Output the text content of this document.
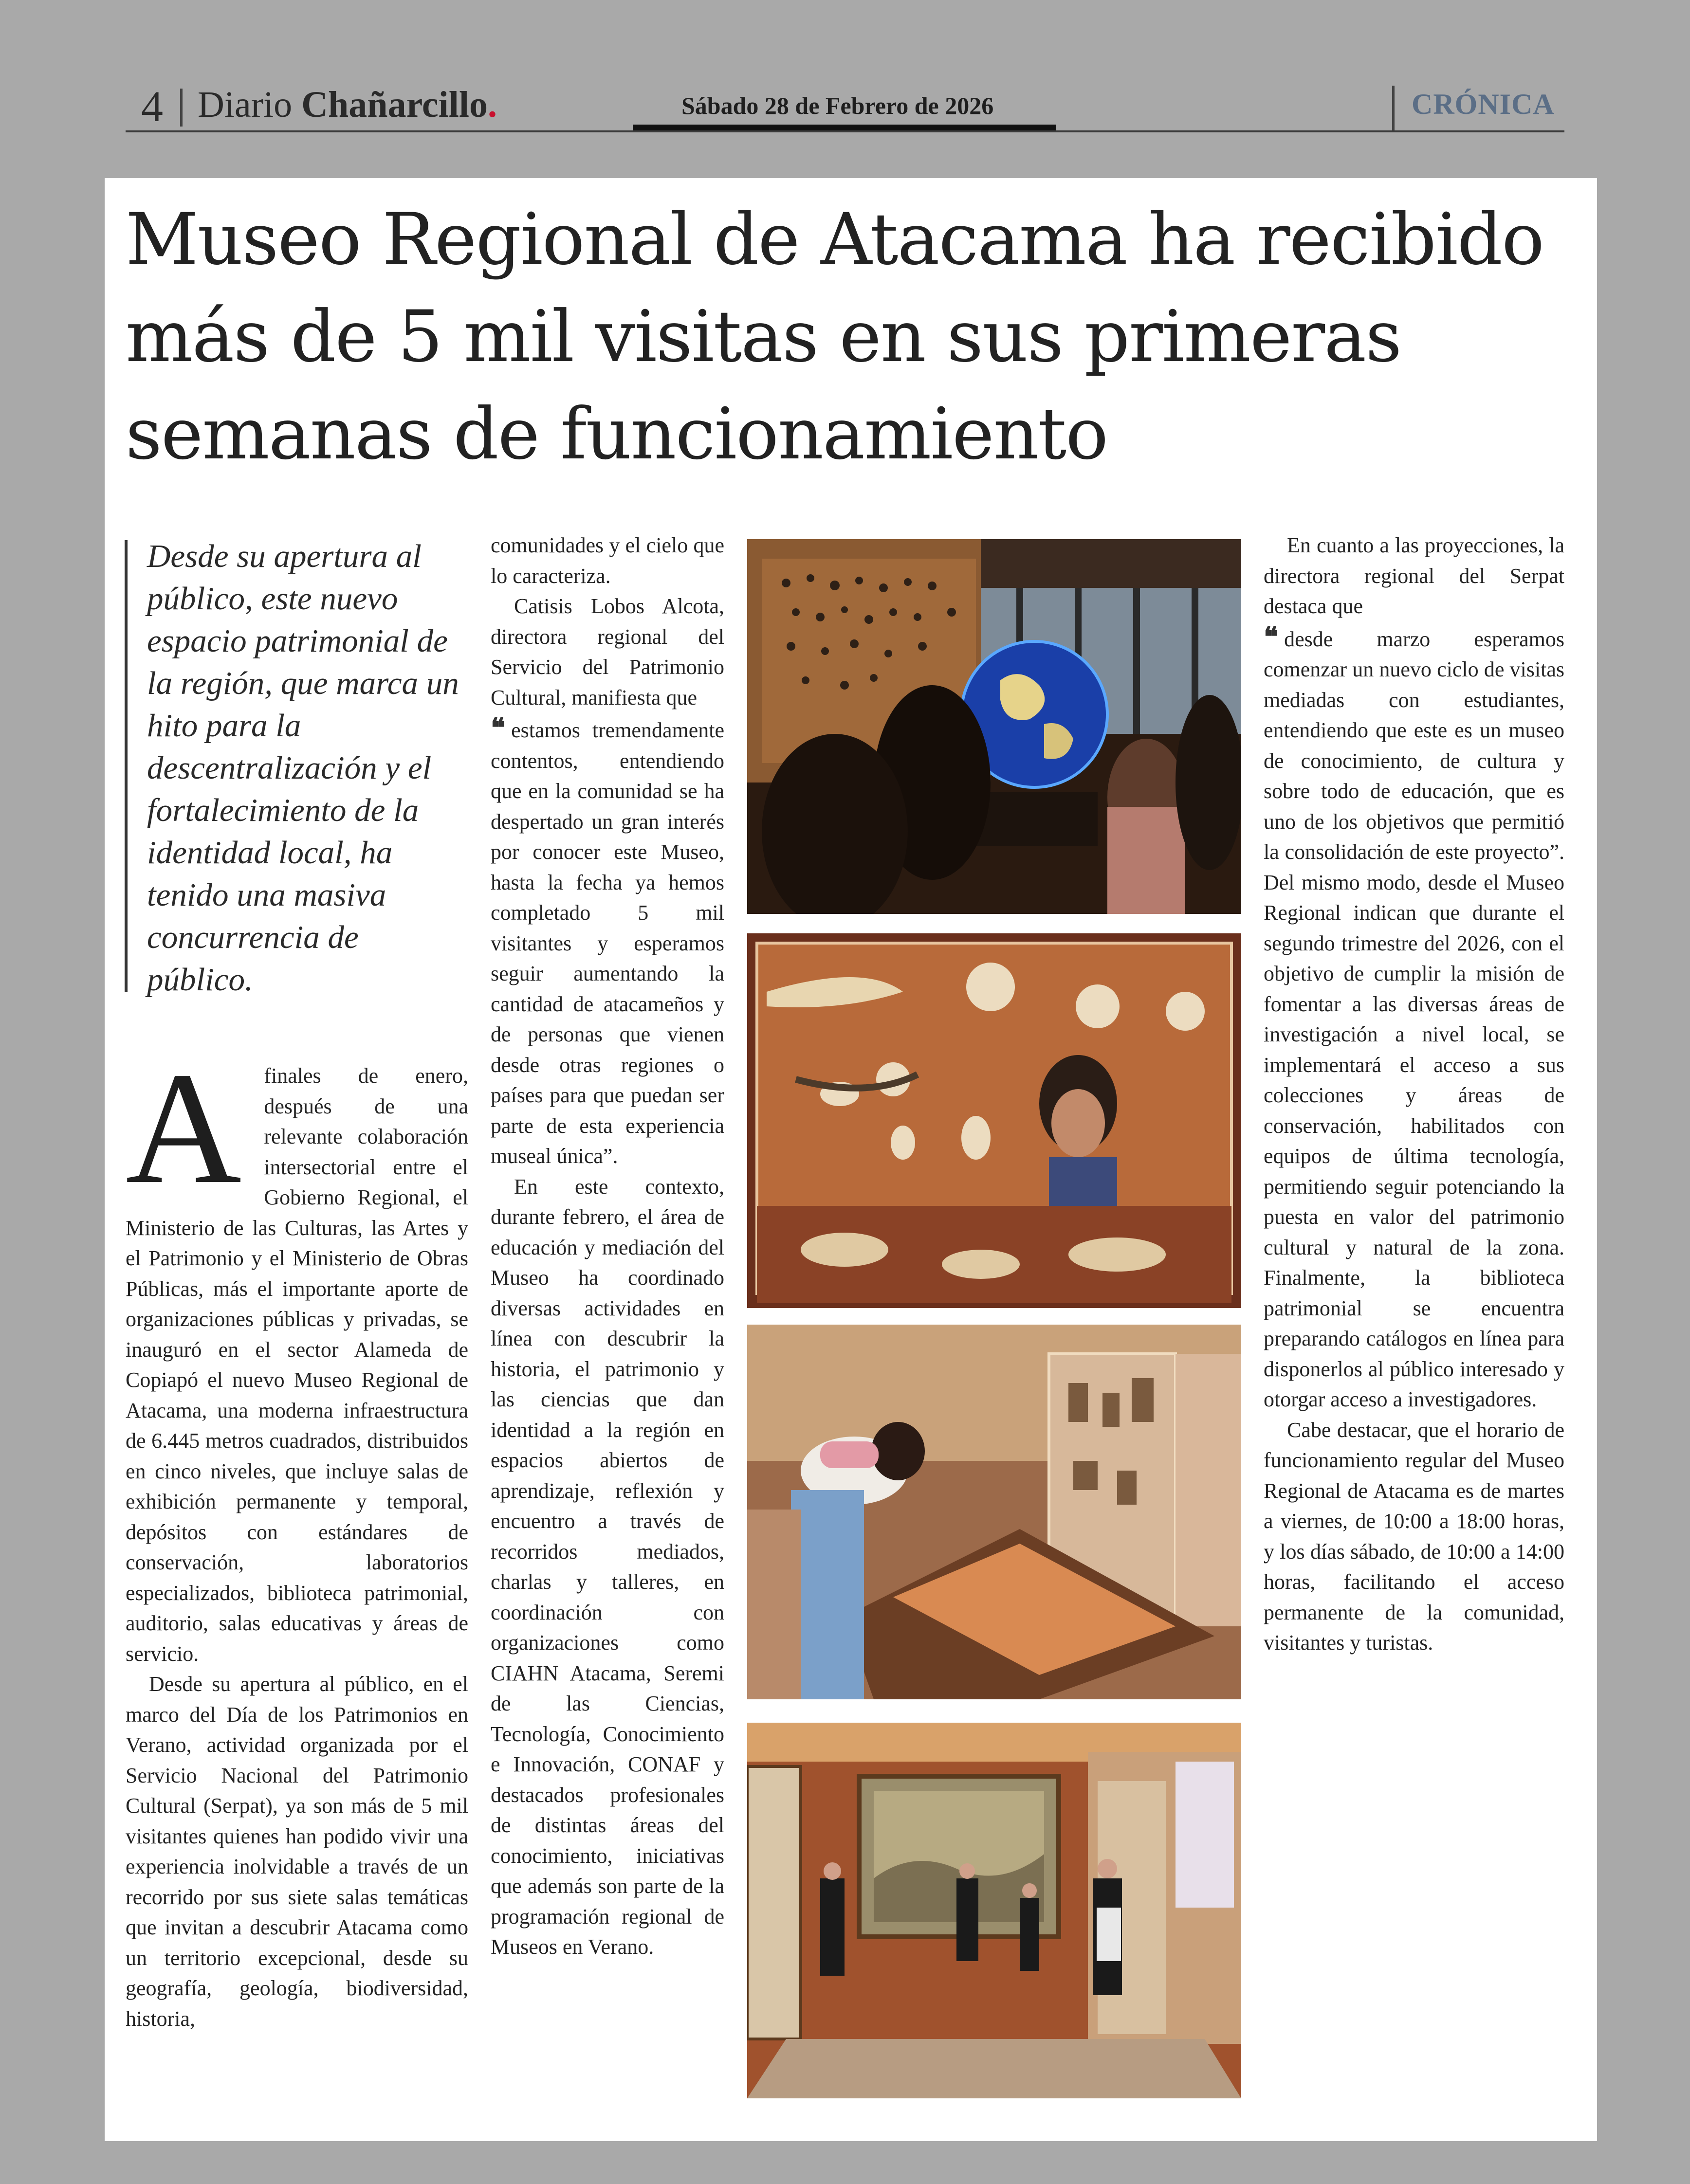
4 Diario Chañarcillo.	Sábado 28 de Febrero de 2026	CRÓNICA
Museo Regional de Atacama ha recibido más de 5 mil visitas en sus primeras semanas de funcionamiento
Desde su apertura al público, este nuevo espacio patrimonial de la región, que marca un hito para la descentralización y el fortalecimiento de la identidad local, ha tenido una masiva concurrencia de público.
A	finales de enero, después de una relevante colaboración intersectorial entre el Gobierno Regional, el Ministerio de las Culturas, las Artes y el Patrimonio y el Ministerio de Obras Públicas, más el importante aporte de organizaciones públicas y privadas, se inauguró en el sector Alameda de Copiapó el nuevo Museo Regional de Atacama, una moderna infraestructura de 6.445 metros cuadrados, distribuidos en cinco niveles, que incluye salas de exhibición permanente y temporal, depósitos con estándares de conservación, laboratorios especializados, biblioteca patrimonial, auditorio, salas educativas y áreas de servicio.

Desde su apertura al público, en el marco del Día de los Patrimonios en Verano, actividad organizada por el Servicio Nacional del Patrimonio Cultural (Serpat), ya son más de 5 mil visitantes quienes han podido vivir una experiencia inolvidable a través de un recorrido por sus siete salas temáticas que invitan a descubrir Atacama como un territorio excepcional, desde su geografía, geología, biodiversidad, historia,

comunidades y el cielo que lo caracteriza.

Catisis Lobos Alcota, directora regional del Servicio del Patrimonio Cultural, manifiesta que

❝ estamos tremendamente contentos, entendiendo que en la comunidad se ha despertado un gran interés por conocer este Museo, hasta la fecha ya hemos completado 5 mil visitantes y esperamos seguir aumentando la cantidad de atacameños y de personas que vienen desde otras regiones o países para que puedan ser parte de esta experiencia museal única”.

En este contexto, durante febrero, el área de educación y mediación del Museo ha coordinado diversas actividades en línea con descubrir la historia, el patrimonio y las ciencias que dan identidad a la región en espacios abiertos de aprendizaje, reflexión y encuentro a través de recorridos mediados, charlas y talleres, en coordinación con organizaciones como CIAHN Atacama, Seremi de las Ciencias, Tecnología, Conocimiento e Innovación, CONAF y destacados profesionales de distintas áreas del conocimiento, iniciativas que además son parte de la programación regional de Museos en Verano.

En cuanto a las proyecciones, la directora regional del Serpat destaca que

❝ desde marzo esperamos comenzar un nuevo ciclo de visitas mediadas con estudiantes, entendiendo que este es un museo de conocimiento, de cultura y sobre todo de educación, que es uno de los objetivos que permitió la consolidación de este proyecto”. Del mismo modo, desde el Museo Regional indican que durante el segundo trimestre del 2026, con el objetivo de cumplir la misión de fomentar a las diversas áreas de investigación a nivel local, se implementará el acceso a sus colecciones y áreas de conservación, habilitados con equipos de última tecnología, permitiendo seguir potenciando la puesta en valor del patrimonio cultural y natural de la zona. Finalmente, la biblioteca patrimonial se encuentra preparando catálogos en línea para disponerlos al público interesado y otorgar acceso a investigadores.

Cabe destacar, que el horario de funcionamiento regular del Museo Regional de Atacama es de martes a viernes, de 10:00 a 18:00 horas, y los días sábado, de 10:00 a 14:00 horas, facilitando el acceso permanente de la comunidad, visitantes y turistas.
